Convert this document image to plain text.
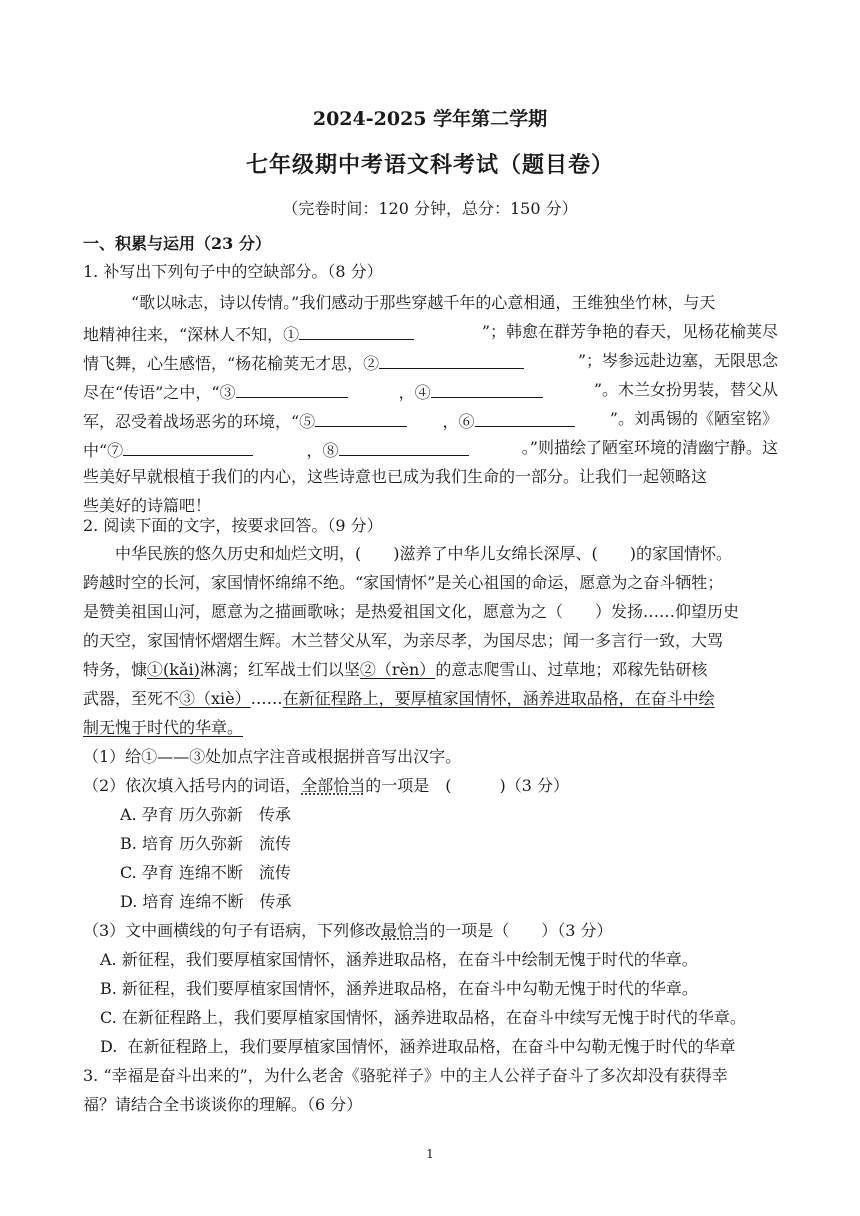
2024-2025 学年第二学期
七年级期中考语文科考试（题目卷）
（完卷时间：120 分钟，总分：150 分）
一、积累与运用（23 分）
1. 补写出下列句子中的空缺部分。（8 分）
“歌以咏志，诗以传情。”我们感动于那些穿越千年的心意相通，王维独坐竹林，与天
地精神往来，“深林人不知，①	”；韩愈在群芳争艳的春天，见杨花榆荚尽
情飞舞，心生感悟，“杨花榆荚无才思，②	”；岑参远赴边塞，无限思念
尽在“传语”之中，“③	，④	”。木兰女扮男装，替父从
军，忍受着战场恶劣的环境，“⑤	，⑥	”。刘禹锡的《陋室铭》
中“⑦	，⑧	。”则描绘了陋室环境的清幽宁静。这
些美好早就根植于我们的内心，这些诗意也已成为我们生命的一部分。让我们一起领略这
些美好的诗篇吧！
2. 阅读下面的文字，按要求回答。（9 分）
中华民族的悠久历史和灿烂文明，(　　)滋养了中华儿女绵长深厚、(　　)的家国情怀。
跨越时空的长河，家国情怀绵绵不绝。“家国情怀”是关心祖国的命运，愿意为之奋斗牺牲；
是赞美祖国山河，愿意为之描画歌咏；是热爱祖国文化，愿意为之（　　）发扬……仰望历史
的天空，家国情怀熠熠生辉。木兰替父从军，为亲尽孝，为国尽忠；闻一多言行一致，大骂
特务，慷①(kǎi)淋漓；红军战士们以坚②（rèn）的意志爬雪山、过草地；邓稼先钻研核
武器，至死不③（xiè）……在新征程路上，要厚植家国情怀，涵养进取品格，在奋斗中绘
制无愧于时代的华章。
（1）给①——③处加点字注音或根据拼音写出汉字。
（2）依次填入括号内的词语，全部恰当的一项是　(　　　)（3 分）
A. 孕育 历久弥新　传承
B. 培育 历久弥新　流传
C. 孕育 连绵不断　流传
D. 培育 连绵不断　传承
（3）文中画横线的句子有语病，下列修改最恰当的一项是（　　）（3 分）
A. 新征程，我们要厚植家国情怀，涵养进取品格，在奋斗中绘制无愧于时代的华章。
B. 新征程，我们要厚植家国情怀，涵养进取品格，在奋斗中勾勒无愧于时代的华章。
C. 在新征程路上，我们要厚植家国情怀，涵养进取品格，在奋斗中续写无愧于时代的华章。
D.  在新征程路上，我们要厚植家国情怀，涵养进取品格，在奋斗中勾勒无愧于时代的华章
3. “幸福是奋斗出来的”，为什么老舍《骆驼祥子》中的主人公祥子奋斗了多次却没有获得幸
福？请结合全书谈谈你的理解。（6 分）
1
